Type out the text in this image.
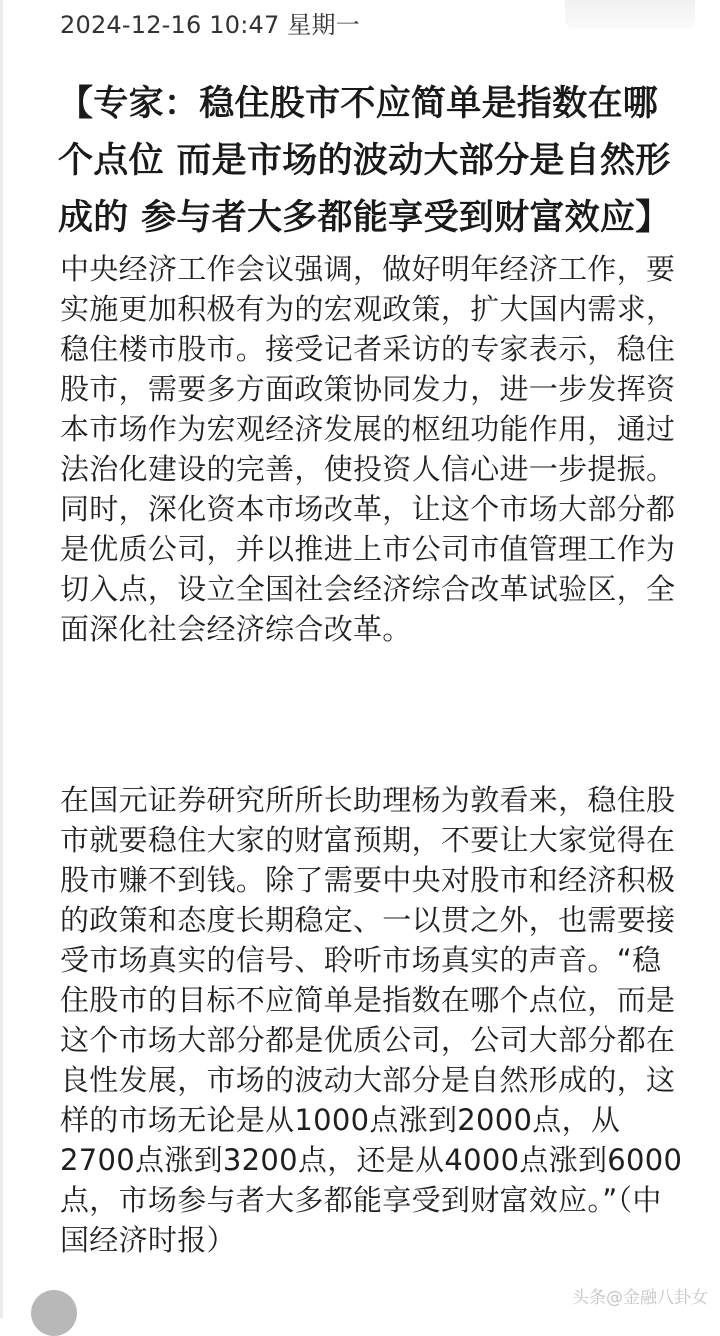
2024-12-16 10:47 星期一
【专家：稳住股市不应简单是指数在哪个点位 而是市场的波动大部分是自然形成的 参与者大多都能享受到财富效应】
中央经济工作会议强调，做好明年经济工作，要实施更加积极有为的宏观政策，扩大国内需求，稳住楼市股市。接受记者采访的专家表示，稳住股市，需要多方面政策协同发力，进一步发挥资本市场作为宏观经济发展的枢纽功能作用，通过法治化建设的完善，使投资人信心进一步提振。同时，深化资本市场改革，让这个市场大部分都是优质公司，并以推进上市公司市值管理工作为切入点，设立全国社会经济综合改革试验区，全面深化社会经济综合改革。
在国元证券研究所所长助理杨为敦看来，稳住股市就要稳住大家的财富预期，不要让大家觉得在股市赚不到钱。除了需要中央对股市和经济积极的政策和态度长期稳定、一以贯之外，也需要接受市场真实的信号、聆听市场真实的声音。“稳住股市的目标不应简单是指数在哪个点位，而是这个市场大部分都是优质公司，公司大部分都在良性发展，市场的波动大部分是自然形成的，这样的市场无论是从1000点涨到2000点，从2700点涨到3200点，还是从4000点涨到6000点，市场参与者大多都能享受到财富效应。”（中国经济时报）
头条@金融八卦女
